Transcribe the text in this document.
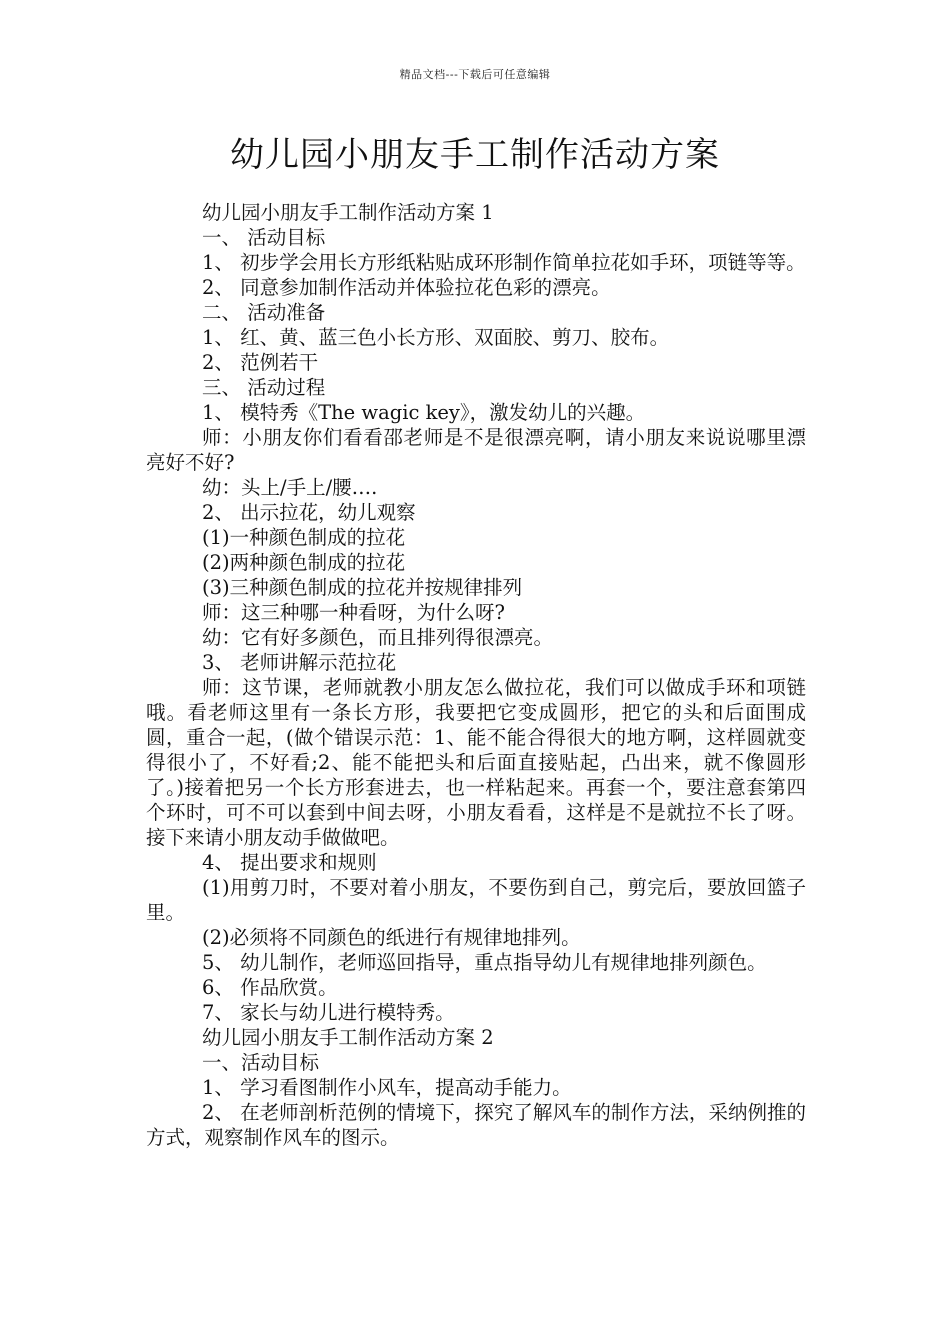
精品文档---下载后可任意编辑
幼儿园小朋友手工制作活动方案

幼儿园小朋友手工制作活动方案 1

一、 活动目标

1、 初步学会用长方形纸粘贴成环形制作简单拉花如手环，项链等等。

2、 同意参加制作活动并体验拉花色彩的漂亮。

二、 活动准备

1、 红、黄、蓝三色小长方形、双面胶、剪刀、胶布。

2、 范例若干

三、 活动过程

1、 模特秀《The wagic key》，激发幼儿的兴趣。

师：小朋友你们看看邵老师是不是很漂亮啊，请小朋友来说说哪里漂亮好不好?

幼：头上/手上/腰….

2、 出示拉花，幼儿观察

(1)一种颜色制成的拉花

(2)两种颜色制成的拉花

(3)三种颜色制成的拉花并按规律排列

师：这三种哪一种看呀，为什么呀?

幼：它有好多颜色，而且排列得很漂亮。

3、 老师讲解示范拉花

师：这节课，老师就教小朋友怎么做拉花，我们可以做成手环和项链哦。看老师这里有一条长方形，我要把它变成圆形，把它的头和后面围成圆，重合一起，(做个错误示范：1、能不能合得很大的地方啊，这样圆就变得很小了，不好看;2、能不能把头和后面直接贴起，凸出来，就不像圆形了。)接着把另一个长方形套进去，也一样粘起来。再套一个，要注意套第四个环时，可不可以套到中间去呀，小朋友看看，这样是不是就拉不长了呀。接下来请小朋友动手做做吧。

4、 提出要求和规则

(1)用剪刀时，不要对着小朋友，不要伤到自己，剪完后，要放回篮子里。

(2)必须将不同颜色的纸进行有规律地排列。

5、 幼儿制作，老师巡回指导，重点指导幼儿有规律地排列颜色。

6、 作品欣赏。

7、 家长与幼儿进行模特秀。

幼儿园小朋友手工制作活动方案 2

一、活动目标

1、 学习看图制作小风车，提高动手能力。

2、 在老师剖析范例的情境下，探究了解风车的制作方法，采纳例推的方式，观察制作风车的图示。
